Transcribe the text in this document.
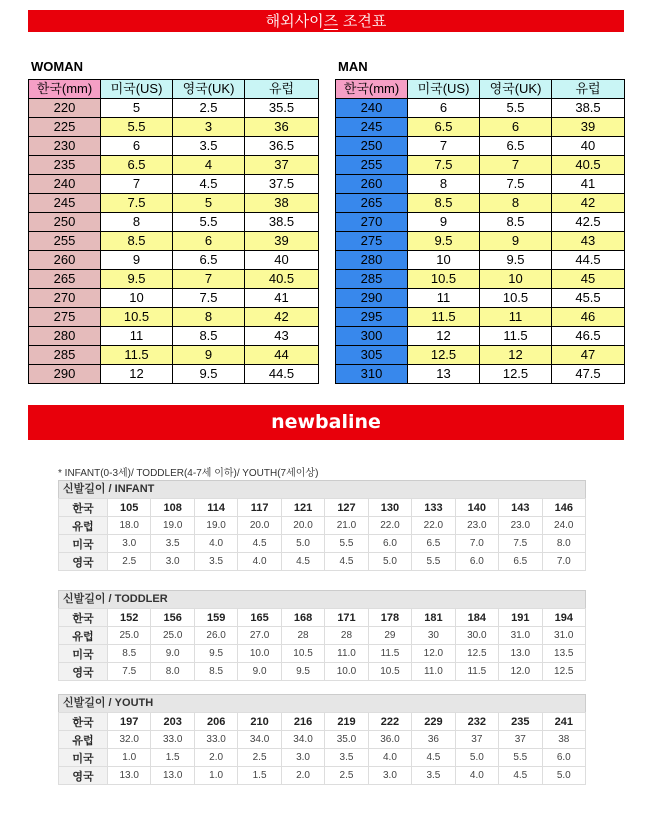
해외사이즈 조견표
WOMAN
한국(mm)	미국(US)	영국(UK)	유럽
220	5	2.5	35.5
225	5.5	3	36
230	6	3.5	36.5
235	6.5	4	37
240	7	4.5	37.5
245	7.5	5	38
250	8	5.5	38.5
255	8.5	6	39
260	9	6.5	40
265	9.5	7	40.5
270	10	7.5	41
275	10.5	8	42
280	11	8.5	43
285	11.5	9	44
290	12	9.5	44.5
MAN
한국(mm)	미국(US)	영국(UK)	유럽
240	6	5.5	38.5
245	6.5	6	39
250	7	6.5	40
255	7.5	7	40.5
260	8	7.5	41
265	8.5	8	42
270	9	8.5	42.5
275	9.5	9	43
280	10	9.5	44.5
285	10.5	10	45
290	11	10.5	45.5
295	11.5	11	46
300	12	11.5	46.5
305	12.5	12	47
310	13	12.5	47.5
newbaline
* INFANT(0-3세)/ TODDLER(4-7세 이하)/ YOUTH(7세이상)
신발길이 / INFANT
한국	105	108	114	117	121	127	130	133	140	143	146
유럽	18.0	19.0	19.0	20.0	20.0	21.0	22.0	22.0	23.0	23.0	24.0
미국	3.0	3.5	4.0	4.5	5.0	5.5	6.0	6.5	7.0	7.5	8.0
영국	2.5	3.0	3.5	4.0	4.5	4.5	5.0	5.5	6.0	6.5	7.0
신발길이 / TODDLER
한국	152	156	159	165	168	171	178	181	184	191	194
유럽	25.0	25.0	26.0	27.0	28	28	29	30	30.0	31.0	31.0
미국	8.5	9.0	9.5	10.0	10.5	11.0	11.5	12.0	12.5	13.0	13.5
영국	7.5	8.0	8.5	9.0	9.5	10.0	10.5	11.0	11.5	12.0	12.5
신발길이 / YOUTH
한국	197	203	206	210	216	219	222	229	232	235	241
유럽	32.0	33.0	33.0	34.0	34.0	35.0	36.0	36	37	37	38
미국	1.0	1.5	2.0	2.5	3.0	3.5	4.0	4.5	5.0	5.5	6.0
영국	13.0	13.0	1.0	1.5	2.0	2.5	3.0	3.5	4.0	4.5	5.0
